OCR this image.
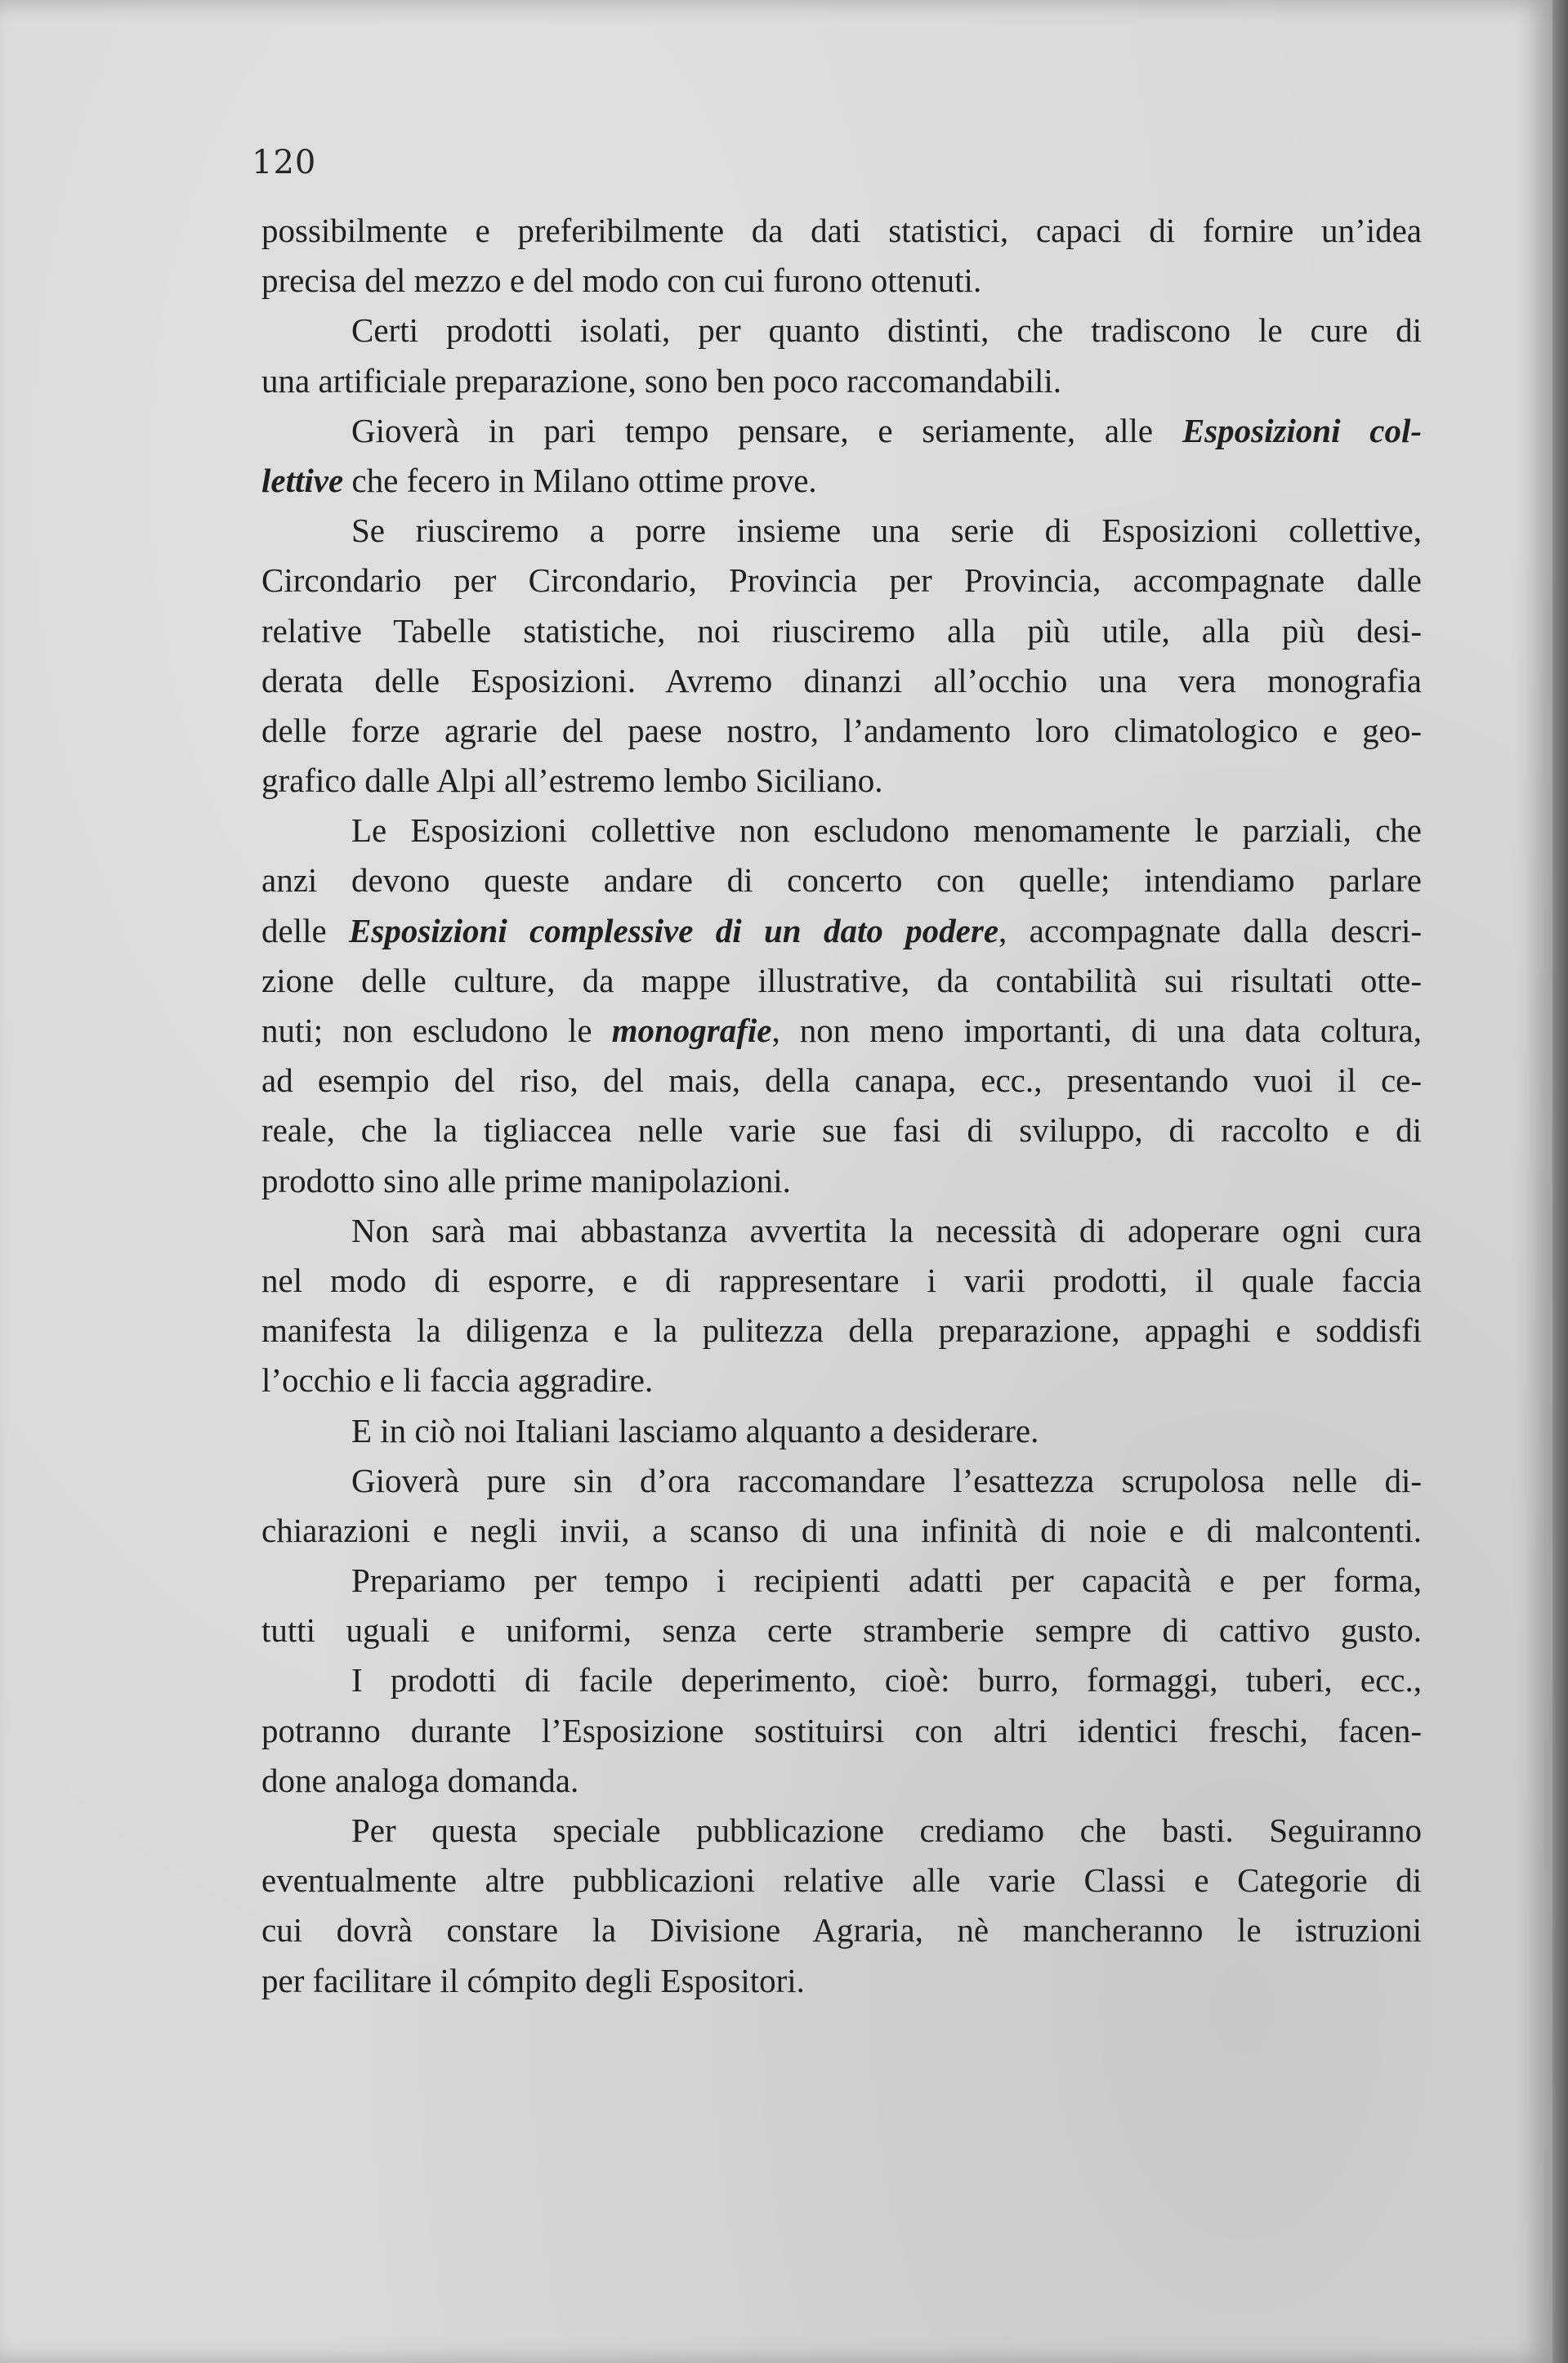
120
possibilmente e preferibilmente da dati statistici, capaci di fornire un’idea
precisa del mezzo e del modo con cui furono ottenuti.
Certi prodotti isolati, per quanto distinti, che tradiscono le cure di
una artificiale preparazione, sono ben poco raccomandabili.
Gioverà in pari tempo pensare, e seriamente, alle Esposizioni col-
lettive che fecero in Milano ottime prove.
Se riusciremo a porre insieme una serie di Esposizioni collettive,
Circondario per Circondario, Provincia per Provincia, accompagnate dalle
relative Tabelle statistiche, noi riusciremo alla più utile, alla più desi-
derata delle Esposizioni. Avremo dinanzi all’occhio una vera monografia
delle forze agrarie del paese nostro, l’andamento loro climatologico e geo-
grafico dalle Alpi all’estremo lembo Siciliano.
Le Esposizioni collettive non escludono menomamente le parziali, che
anzi devono queste andare di concerto con quelle; intendiamo parlare
delle Esposizioni complessive di un dato podere, accompagnate dalla descri-
zione delle culture, da mappe illustrative, da contabilità sui risultati otte-
nuti; non escludono le monografie, non meno importanti, di una data coltura,
ad esempio del riso, del mais, della canapa, ecc., presentando vuoi il ce-
reale, che la tigliaccea nelle varie sue fasi di sviluppo, di raccolto e di
prodotto sino alle prime manipolazioni.
Non sarà mai abbastanza avvertita la necessità di adoperare ogni cura
nel modo di esporre, e di rappresentare i varii prodotti, il quale faccia
manifesta la diligenza e la pulitezza della preparazione, appaghi e soddisfi
l’occhio e li faccia aggradire.
E in ciò noi Italiani lasciamo alquanto a desiderare.
Gioverà pure sin d’ora raccomandare l’esattezza scrupolosa nelle di-
chiarazioni e negli invii, a scanso di una infinità di noie e di malcontenti.
Prepariamo per tempo i recipienti adatti per capacità e per forma,
tutti uguali e uniformi, senza certe stramberie sempre di cattivo gusto.
I prodotti di facile deperimento, cioè: burro, formaggi, tuberi, ecc.,
potranno durante l’Esposizione sostituirsi con altri identici freschi, facen-
done analoga domanda.
Per questa speciale pubblicazione crediamo che basti. Seguiranno
eventualmente altre pubblicazioni relative alle varie Classi e Categorie di
cui dovrà constare la Divisione Agraria, nè mancheranno le istruzioni
per facilitare il cómpito degli Espositori.
